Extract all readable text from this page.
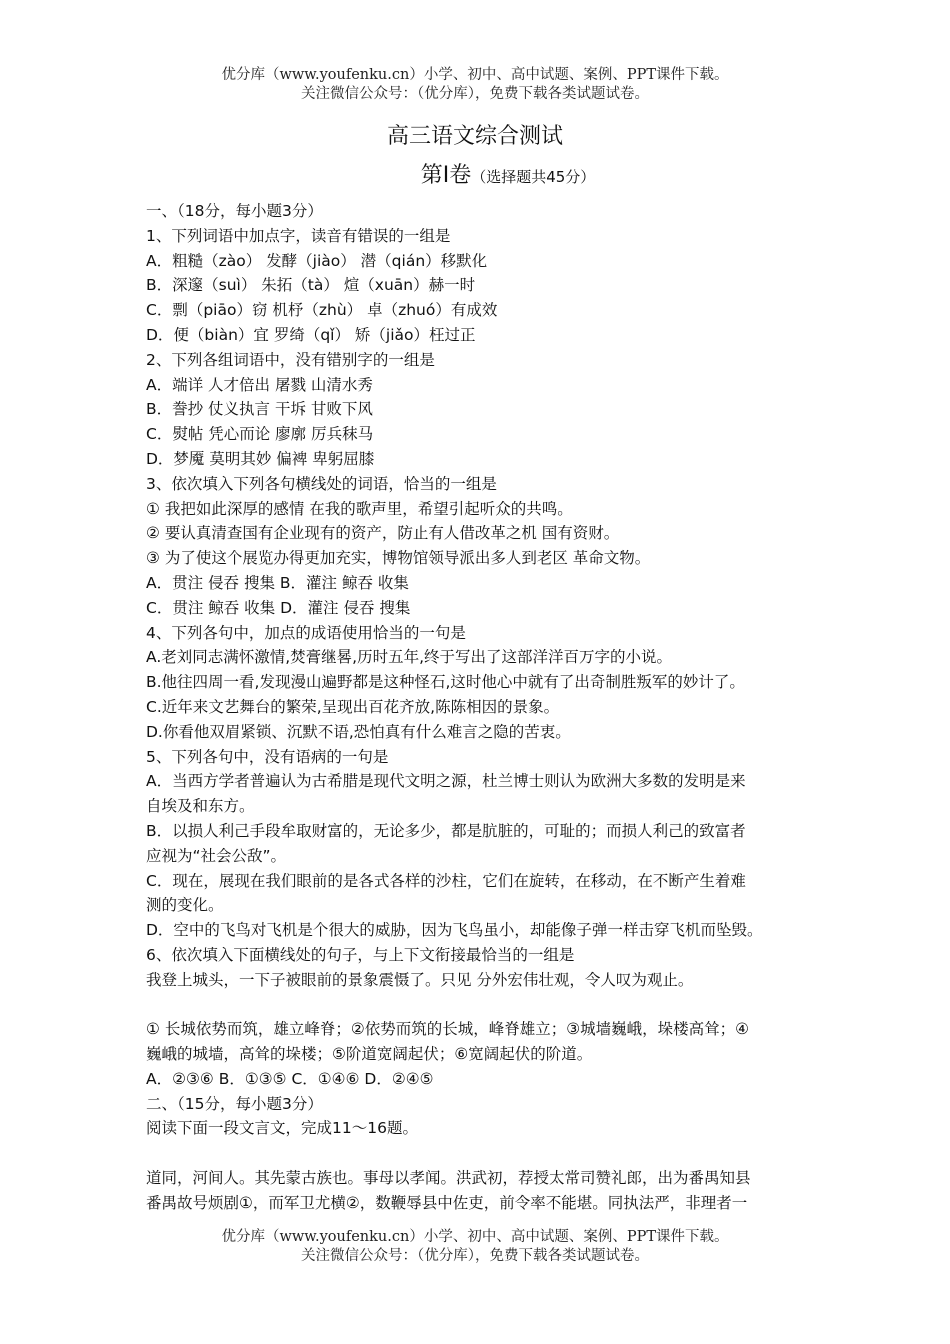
优分库（www.youfenku.cn）小学、初中、高中试题、案例、PPT课件下载。
关注微信公众号：（优分库），免费下载各类试题试卷。
高三语文综合测试
第Ⅰ卷（选择题共45分）

一、（18分，每小题3分）

1、下列词语中加点字，读音有错误的一组是

A．粗糙（zào） 发酵（jiào） 潜（qián）移默化

B．深邃（suì） 朱拓（tà） 煊（xuān）赫一时

C．剽（piāo）窃 机杼（zhù） 卓（zhuó）有成效

D．便（biàn）宜 罗绮（qǐ） 矫（jiǎo）枉过正

2、下列各组词语中，没有错别字的一组是

A．端详 人才倍出 屠戮 山清水秀

B．誊抄 仗义执言 干坼 甘败下风

C．熨帖 凭心而论 廖廓 厉兵秣马

D．梦魇 莫明其妙 偏裨 卑躬屈膝

3、依次填入下列各句横线处的词语，恰当的一组是

① 我把如此深厚的感情 在我的歌声里，希望引起听众的共鸣。

② 要认真清查国有企业现有的资产，防止有人借改革之机 国有资财。

③ 为了使这个展览办得更加充实，博物馆领导派出多人到老区 革命文物。

A．贯注 侵吞 搜集 B．灌注 鲸吞 收集

C．贯注 鲸吞 收集 D．灌注 侵吞 搜集

4、下列各句中，加点的成语使用恰当的一句是

A.老刘同志满怀激情,焚膏继晷,历时五年,终于写出了这部洋洋百万字的小说。

B.他往四周一看,发现漫山遍野都是这种怪石,这时他心中就有了出奇制胜叛军的妙计了。

C.近年来文艺舞台的繁荣,呈现出百花齐放,陈陈相因的景象。

D.你看他双眉紧锁、沉默不语,恐怕真有什么难言之隐的苦衷。

5、下列各句中，没有语病的一句是

A．当西方学者普遍认为古希腊是现代文明之源，杜兰博士则认为欧洲大多数的发明是来

自埃及和东方。

B．以损人利己手段牟取财富的，无论多少，都是肮脏的，可耻的；而损人利己的致富者

应视为“社会公敌”。

C．现在，展现在我们眼前的是各式各样的沙柱，它们在旋转，在移动，在不断产生着难

测的变化。

D．空中的飞鸟对飞机是个很大的威胁，因为飞鸟虽小，却能像子弹一样击穿飞机而坠毁。

6、依次填入下面横线处的句子，与上下文衔接最恰当的一组是

我登上城头，一下子被眼前的景象震慑了。只见 分外宏伟壮观，令人叹为观止。

① 长城依势而筑，雄立峰脊；②依势而筑的长城，峰脊雄立；③城墙巍峨，垛楼高耸；④

巍峨的城墙，高耸的垛楼；⑤阶道宽阔起伏；⑥宽阔起伏的阶道。

A．②③⑥ B．①③⑤ C．①④⑥ D．②④⑤

二、（15分，每小题3分）

阅读下面一段文言文，完成11～16题。

道同，河间人。其先蒙古族也。事母以孝闻。洪武初，荐授太常司赞礼郎，出为番禺知县

番禺故号烦剧①，而军卫尤横②，数鞭辱县中佐吏，前令率不能堪。同执法严，非理者一

优分库（www.youfenku.cn）小学、初中、高中试题、案例、PPT课件下载。
关注微信公众号：（优分库），免费下载各类试题试卷。
